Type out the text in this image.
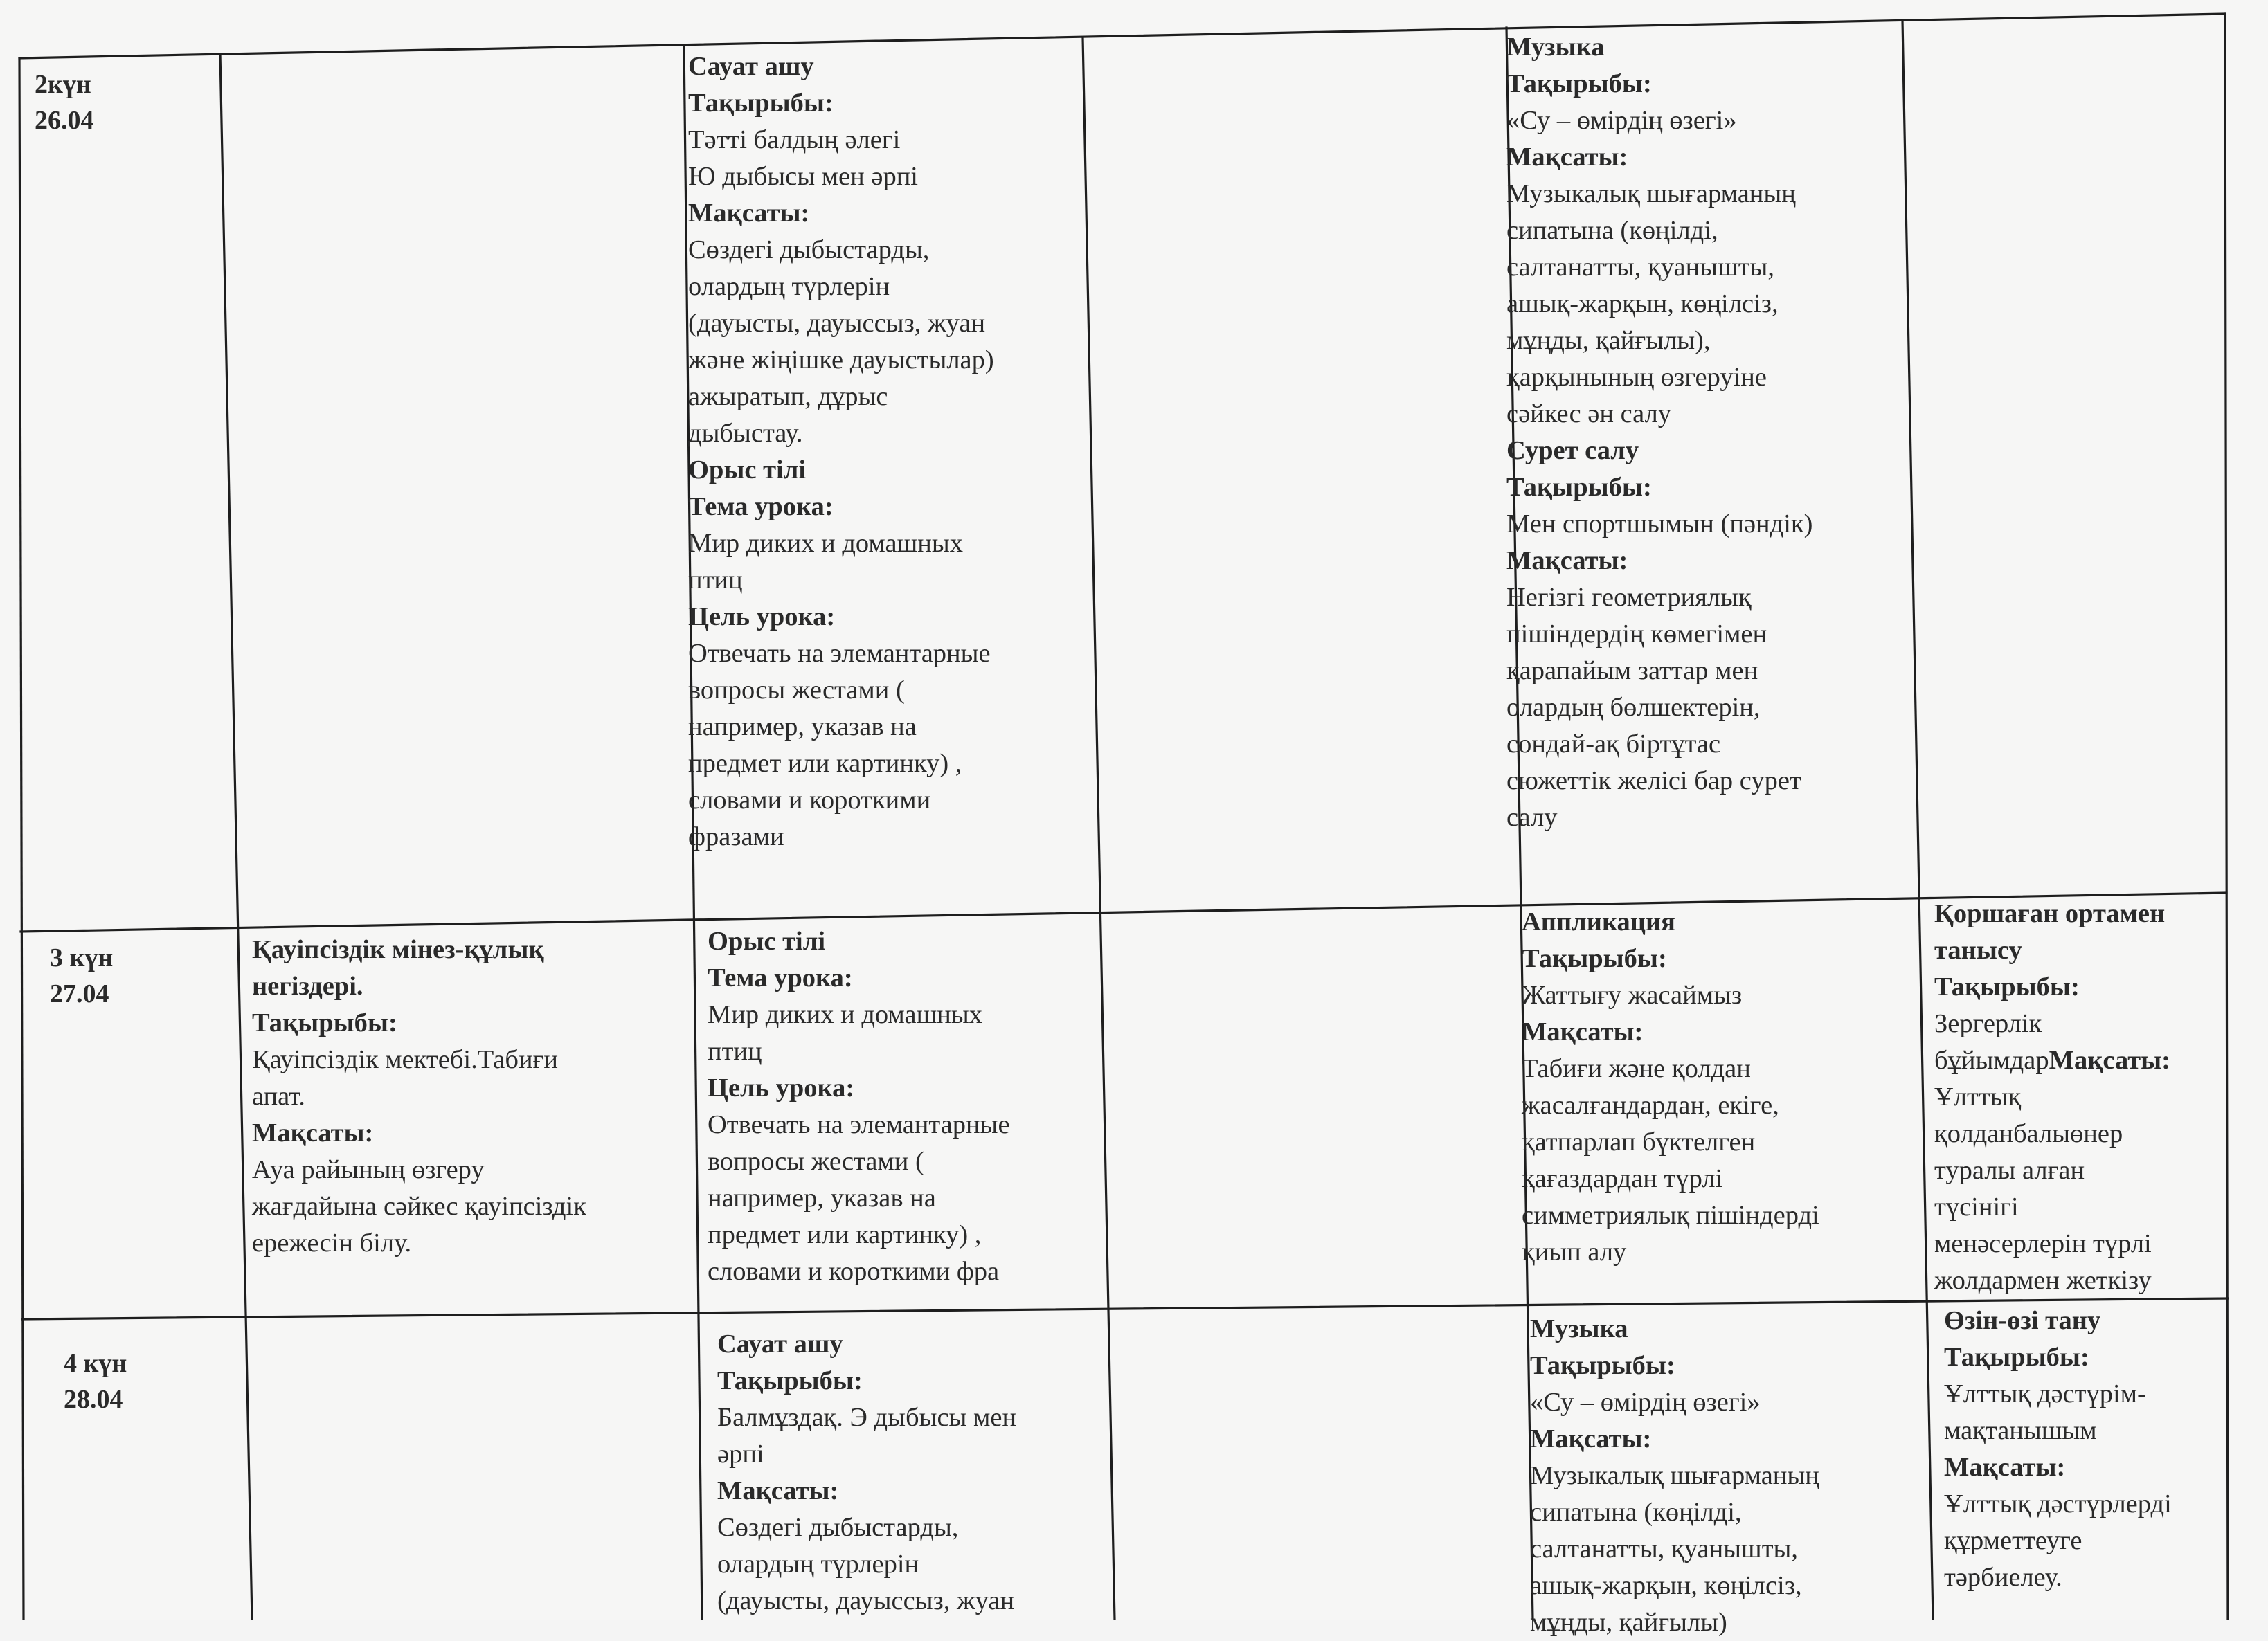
2күн
26.04
Сауат ашу
Тақырыбы:
Тәтті балдың әлегі
Ю дыбысы мен әрпі
Мақсаты:
Сөздегі дыбыстарды,
олардың түрлерін
(дауысты, дауыссыз, жуан
және жіңішке дауыстылар)
ажыратып, дұрыс
дыбыстау.
Орыс тілі
Тема урока:
Мир диких и домашных
птиц
Цель урока:
Отвечать на элемантарные
вопросы жестами (
например, указав на
предмет или картинку) ,
словами и короткими
фразами
Музыка
Тақырыбы:
«Су – өмірдің өзегі»
Мақсаты:
Музыкалық шығарманың
сипатына (көңілді,
салтанатты, қуанышты,
ашық-жарқын, көңілсіз,
мұңды, қайғылы),
қарқынының өзгеруіне
сәйкес ән салу
Сурет салу
Тақырыбы:
Мен спортшымын (пәндік)
Мақсаты:
Негізгі геометриялық
пішіндердің көмегімен
қарапайым заттар мен
олардың бөлшектерін,
сондай-ақ біртұтас
сюжеттік желісі бар сурет
салу
3 күн
27.04
Қауіпсіздік мінез-құлық
негіздері.
Тақырыбы:
Қауіпсіздік мектебі.Табиғи
апат.
Мақсаты:
Ауа райының өзгеру
жағдайына сәйкес қауіпсіздік
ережесін білу.
Орыс тілі
Тема урока:
Мир диких и домашных
птиц
Цель урока:
Отвечать на элемантарные
вопросы жестами (
например, указав на
предмет или картинку) ,
словами и короткими фра
Аппликация
Тақырыбы:
Жаттығу жасаймыз
Мақсаты:
Табиғи және қолдан
жасалғандардан, екіге,
қатпарлап бүктелген
қағаздардан түрлі
симметриялық пішіндерді
қиып алу
Қоршаған ортамен
танысу
Тақырыбы:
Зергерлік
бұйымдарМақсаты:
Ұлттық
қолданбалыөнер
туралы алған
түсінігі
менәсерлерін түрлі
жолдармен жеткізу
4 күн
28.04
Сауат ашу
Тақырыбы:
Балмұздақ. Э дыбысы мен
әрпі
Мақсаты:
Сөздегі дыбыстарды,
олардың түрлерін
(дауысты, дауыссыз, жуан
Музыка
Тақырыбы:
«Су – өмірдің өзегі»
Мақсаты:
Музыкалық шығарманың
сипатына (көңілді,
салтанатты, қуанышты,
ашық-жарқын, көңілсіз,
мұңды, қайғылы)
Өзін-өзі тану
Тақырыбы:
Ұлттық дәстүрім-
мақтанышым
Мақсаты:
Ұлттық дәстүрлерді
құрметтеуге
тәрбиелеу.
